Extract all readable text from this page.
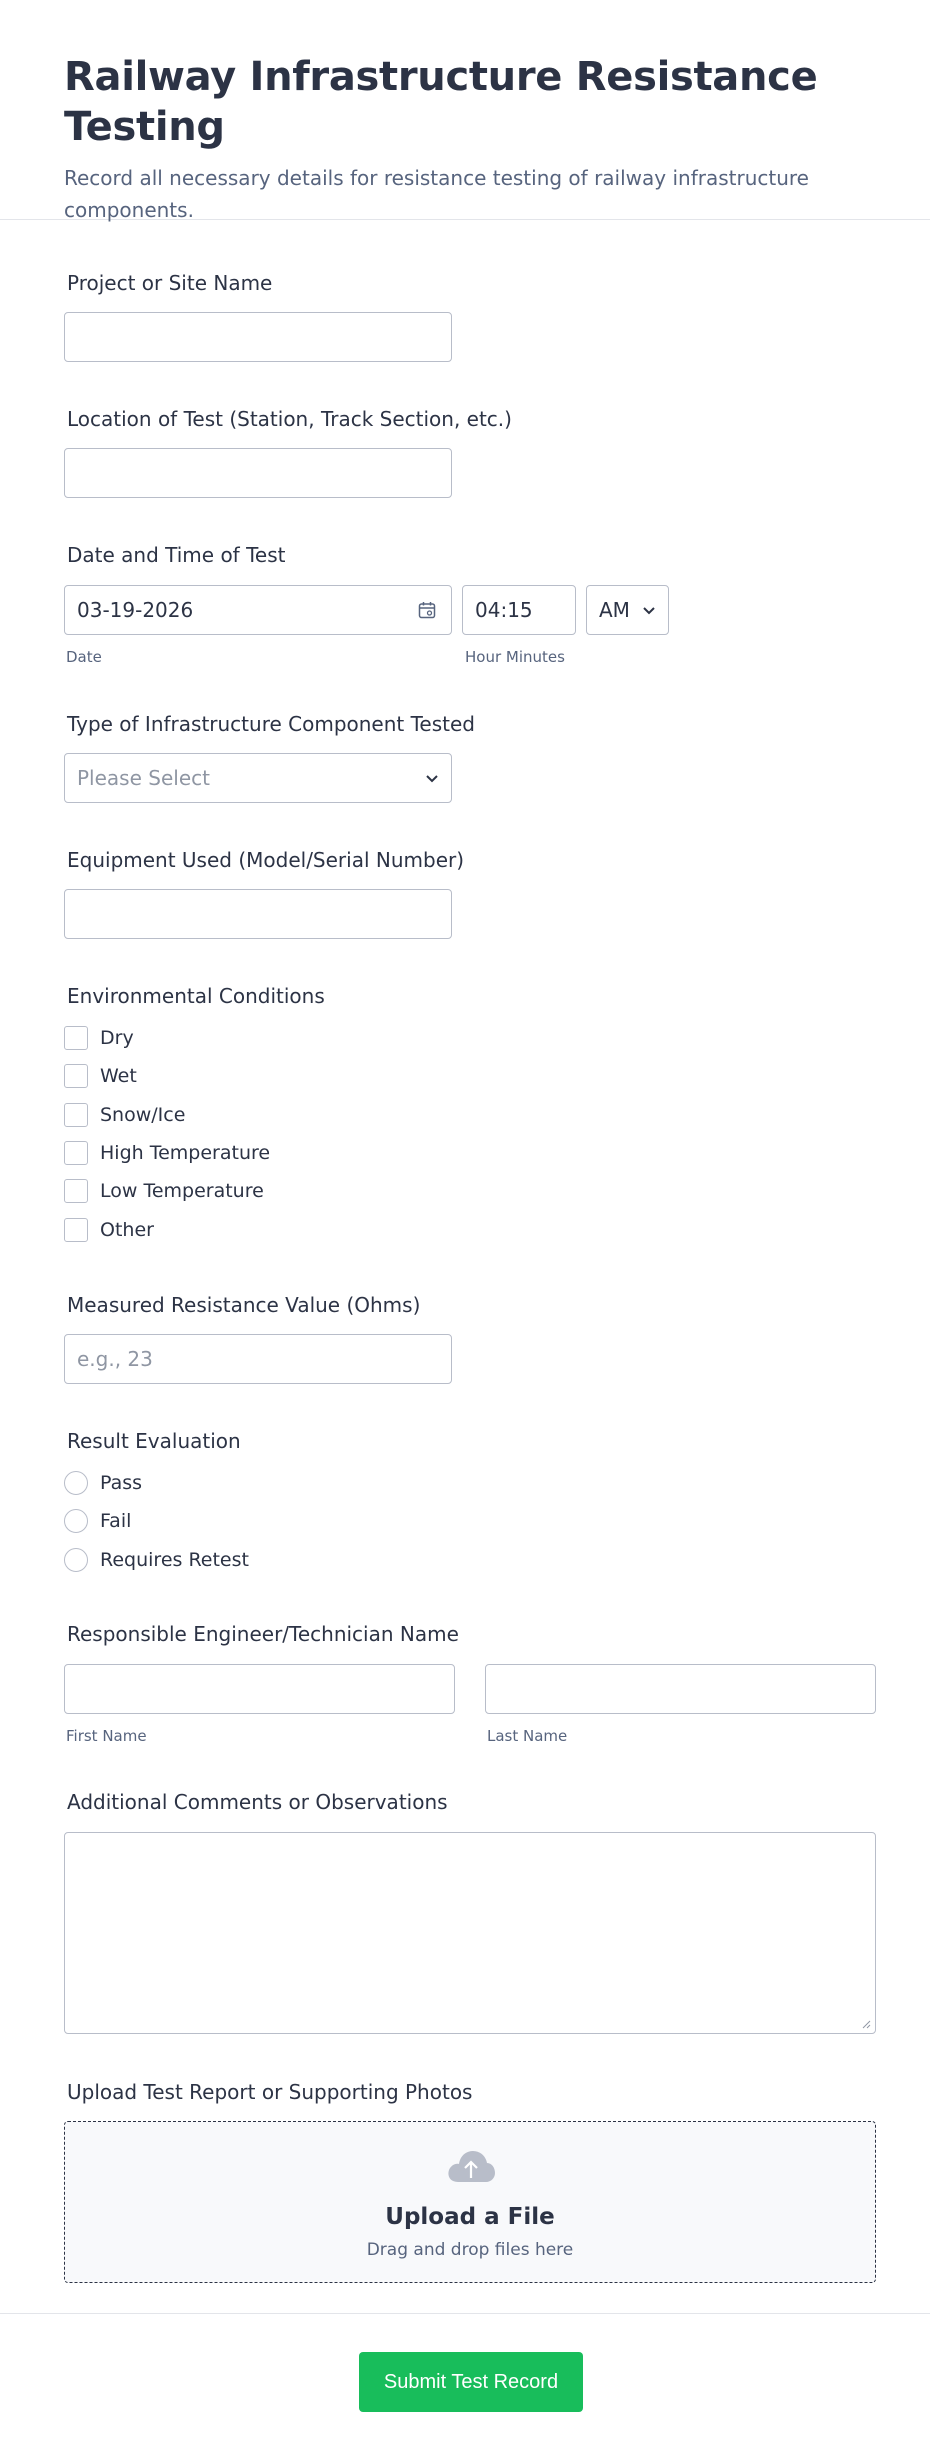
Railway Infrastructure Resistance Testing

Record all necessary details for resistance testing of railway infrastructure components.

Project or Site Name
Location of Test (Station, Track Section, etc.)
Date and Time of Test
03-19-2026
Date
04:15
Hour Minutes
AM
Type of Infrastructure Component Tested
Please Select
Equipment Used (Model/Serial Number)
Environmental Conditions
Dry
Wet
Snow/Ice
High Temperature
Low Temperature
Other
Measured Resistance Value (Ohms)
e.g., 23
Result Evaluation
Pass
Fail
Requires Retest
Responsible Engineer/Technician Name
First Name	Last Name
Additional Comments or Observations
Upload Test Report or Supporting Photos
Upload a File
Drag and drop files here
Submit Test Record
